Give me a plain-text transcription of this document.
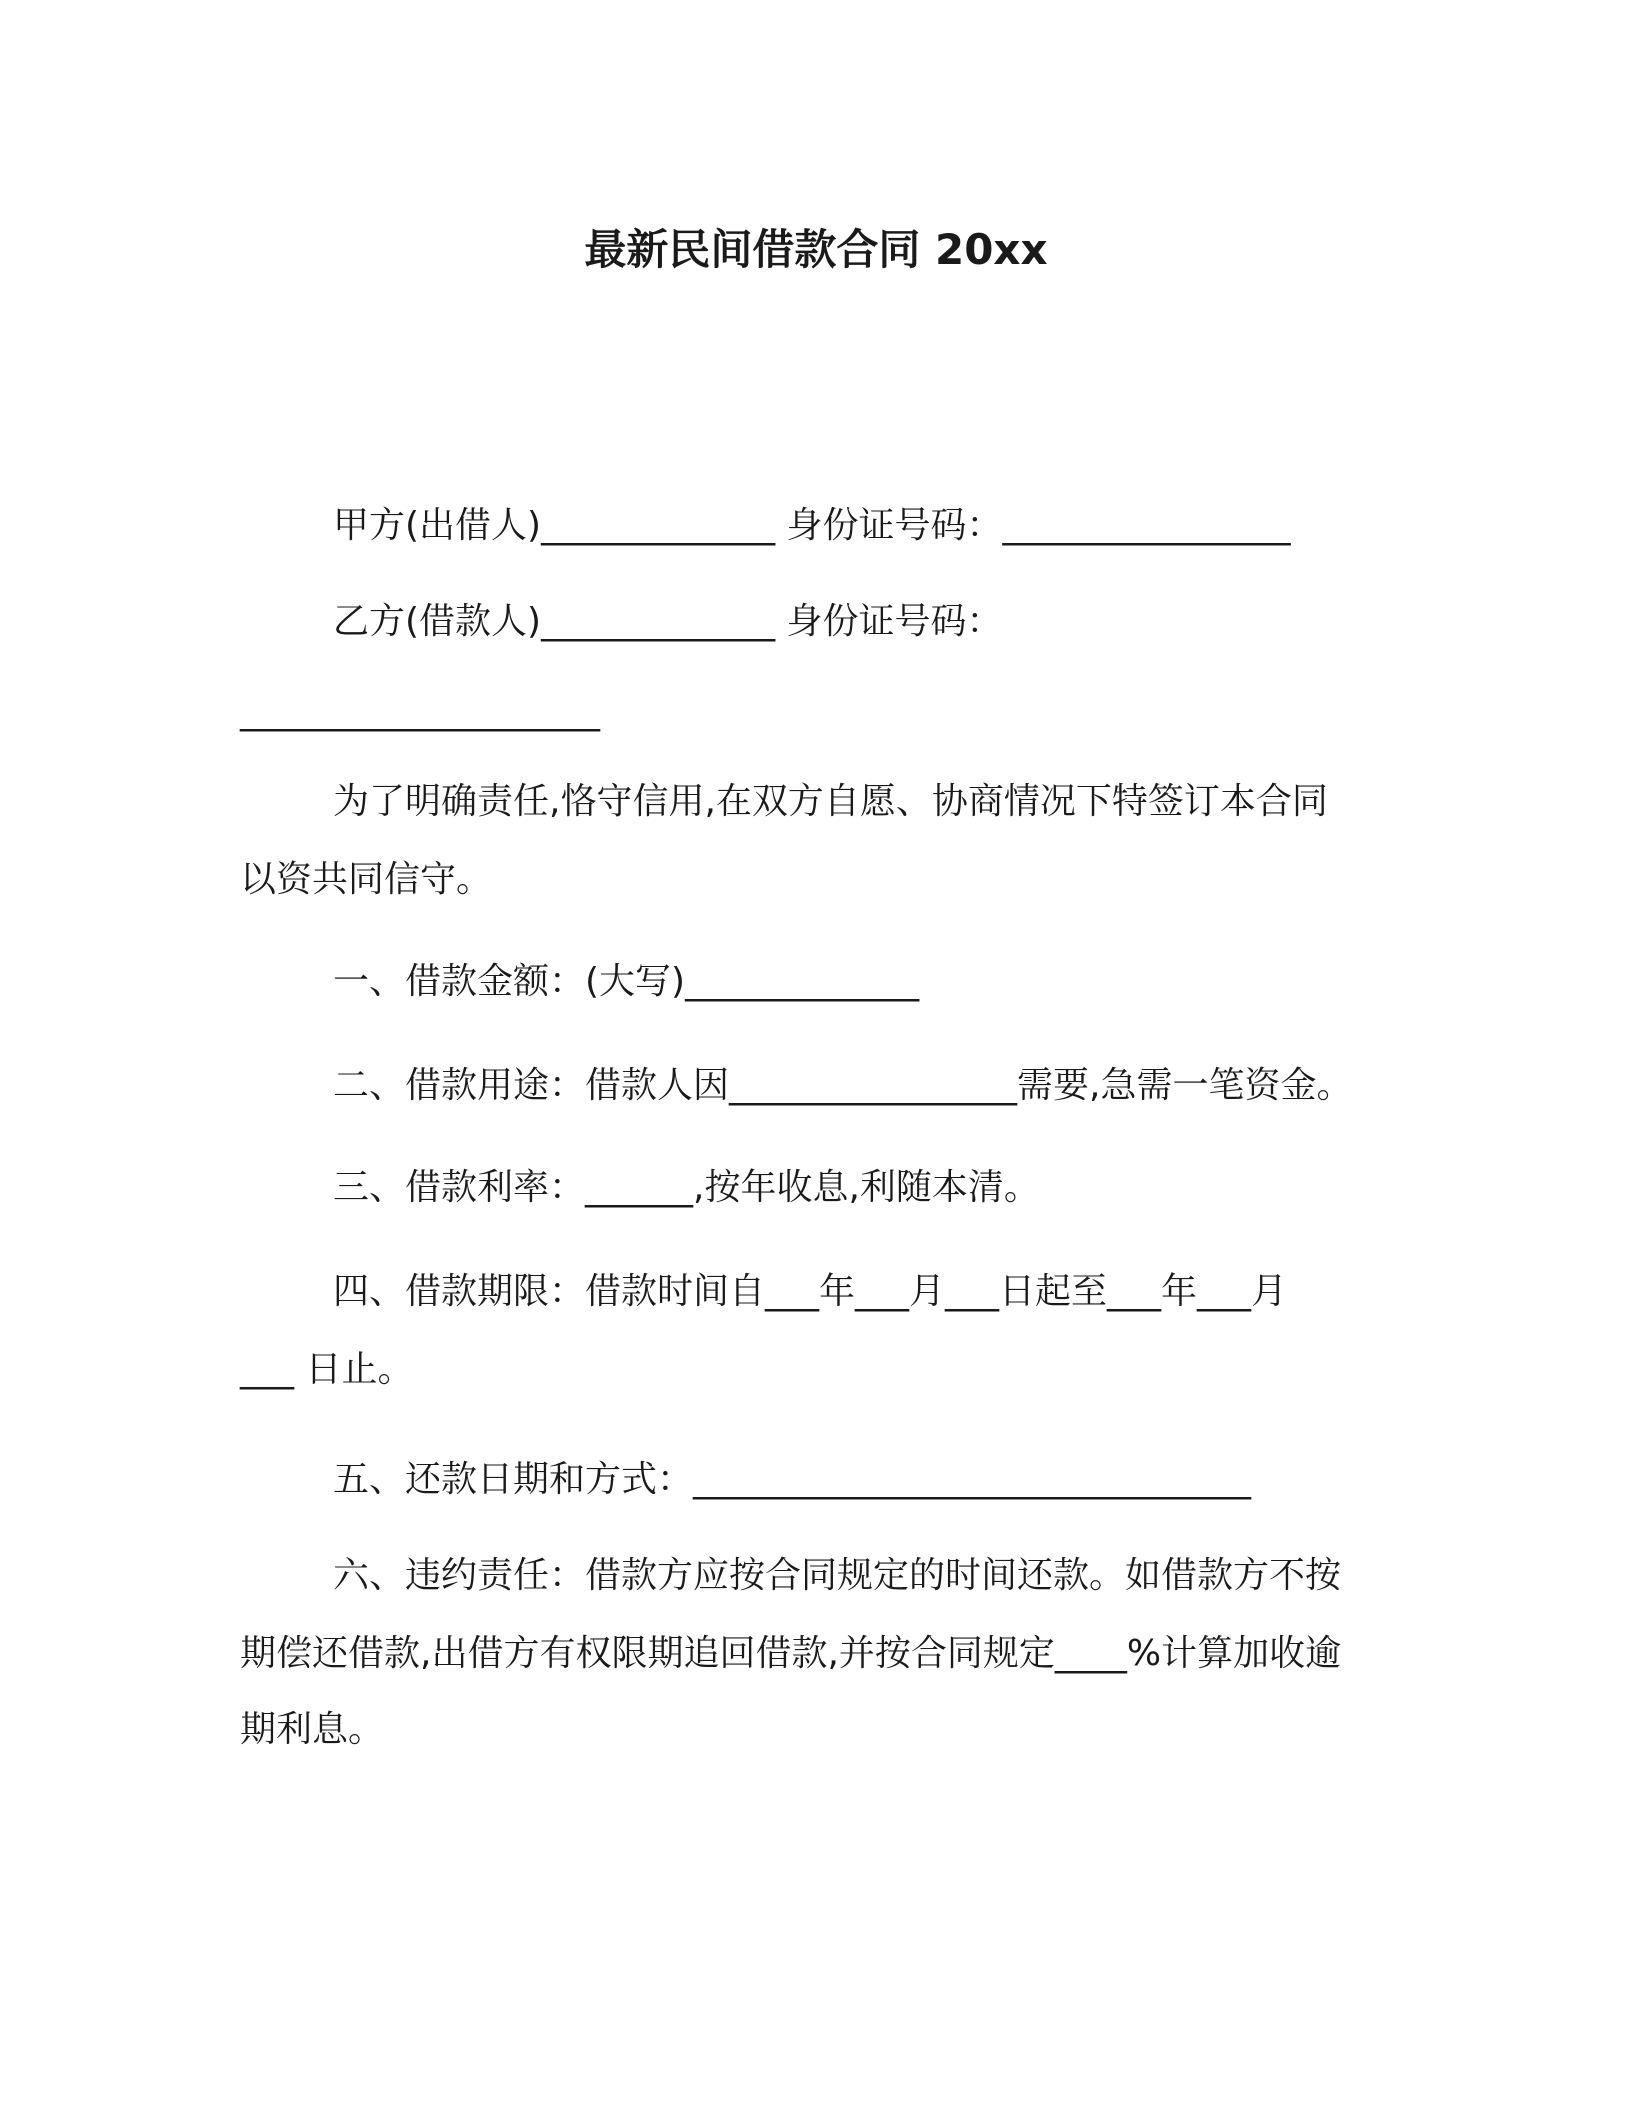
最新民间借款合同 20xx
甲方(出借人)_____________ 身份证号码：________________
乙方(借款人)_____________ 身份证号码：
____________________
为了明确责任,恪守信用,在双方自愿、协商情况下特签订本合同
以资共同信守。
一、借款金额：(大写)_____________
二、借款用途：借款人因________________需要,急需一笔资金。
三、借款利率：______,按年收息,利随本清。
四、借款期限：借款时间自___年___月___日起至___年___月
___ 日止。
五、还款日期和方式：_______________________________
六、违约责任：借款方应按合同规定的时间还款。如借款方不按
期偿还借款,出借方有权限期追回借款,并按合同规定____%计算加收逾
期利息。
